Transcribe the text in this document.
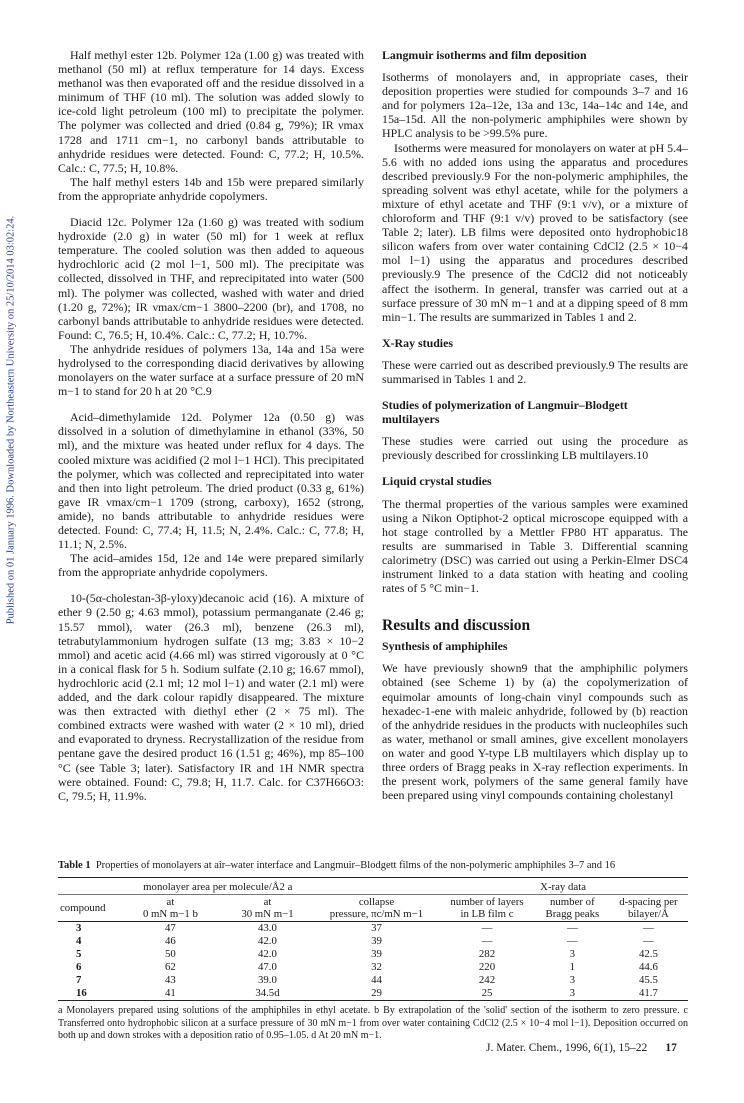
Published on 01 January 1996. Downloaded by Northeastern University on 25/10/2014 03:02:24.

Half methyl ester 12b. Polymer 12a (1.00 g) was treated with methanol (50 ml) at reflux temperature for 14 days. Excess methanol was then evaporated off and the residue dissolved in a minimum of THF (10 ml). The solution was added slowly to ice-cold light petroleum (100 ml) to precipitate the polymer. The polymer was collected and dried (0.84 g, 79%); IR νmax 1728 and 1711 cm−1, no carbonyl bands attributable to anhydride residues were detected. Found: C, 77.2; H, 10.5%. Calc.: C, 77.5; H, 10.8%.

The half methyl esters 14b and 15b were prepared similarly from the appropriate anhydride copolymers.

Diacid 12c. Polymer 12a (1.60 g) was treated with sodium hydroxide (2.0 g) in water (50 ml) for 1 week at reflux temperature. The cooled solution was then added to aqueous hydrochloric acid (2 mol l−1, 500 ml). The precipitate was collected, dissolved in THF, and reprecipitated into water (500 ml). The polymer was collected, washed with water and dried (1.20 g, 72%); IR νmax/cm−1 3800–2200 (br), and 1708, no carbonyl bands attributable to anhydride residues were detected. Found: C, 76.5; H, 10.4%. Calc.: C, 77.2; H, 10.7%.

The anhydride residues of polymers 13a, 14a and 15a were hydrolysed to the corresponding diacid derivatives by allowing monolayers on the water surface at a surface pressure of 20 mN m−1 to stand for 20 h at 20 °C.9

Acid–dimethylamide 12d. Polymer 12a (0.50 g) was dissolved in a solution of dimethylamine in ethanol (33%, 50 ml), and the mixture was heated under reflux for 4 days. The cooled mixture was acidified (2 mol l−1 HCl). This precipitated the polymer, which was collected and reprecipitated into water and then into light petroleum. The dried product (0.33 g, 61%) gave IR νmax/cm−1 1709 (strong, carboxy), 1652 (strong, amide), no bands attributable to anhydride residues were detected. Found: C, 77.4; H, 11.5; N, 2.4%. Calc.: C, 77.8; H, 11.1; N, 2.5%.

The acid–amides 15d, 12e and 14e were prepared similarly from the appropriate anhydride copolymers.

10-(5α-cholestan-3β-yloxy)decanoic acid (16). A mixture of ether 9 (2.50 g; 4.63 mmol), potassium permanganate (2.46 g; 15.57 mmol), water (26.3 ml), benzene (26.3 ml), tetrabutylammonium hydrogen sulfate (13 mg; 3.83 × 10−2 mmol) and acetic acid (4.66 ml) was stirred vigorously at 0 °C in a conical flask for 5 h. Sodium sulfate (2.10 g; 16.67 mmol), hydrochloric acid (2.1 ml; 12 mol l−1) and water (2.1 ml) were added, and the dark colour rapidly disappeared. The mixture was then extracted with diethyl ether (2 × 75 ml). The combined extracts were washed with water (2 × 10 ml), dried and evaporated to dryness. Recrystallization of the residue from pentane gave the desired product 16 (1.51 g; 46%), mp 85–100 °C (see Table 3; later). Satisfactory IR and 1H NMR spectra were obtained. Found: C, 79.8; H, 11.7. Calc. for C37H66O3: C, 79.5; H, 11.9%.

Langmuir isotherms and film deposition

Isotherms of monolayers and, in appropriate cases, their deposition properties were studied for compounds 3–7 and 16 and for polymers 12a–12e, 13a and 13c, 14a–14c and 14e, and 15a–15d. All the non-polymeric amphiphiles were shown by HPLC analysis to be >99.5% pure.

Isotherms were measured for monolayers on water at pH 5.4–5.6 with no added ions using the apparatus and procedures described previously.9 For the non-polymeric amphiphiles, the spreading solvent was ethyl acetate, while for the polymers a mixture of ethyl acetate and THF (9:1 v/v), or a mixture of chloroform and THF (9:1 v/v) proved to be satisfactory (see Table 2; later). LB films were deposited onto hydrophobic18 silicon wafers from over water containing CdCl2 (2.5 × 10−4 mol l−1) using the apparatus and procedures described previously.9 The presence of the CdCl2 did not noticeably affect the isotherm. In general, transfer was carried out at a surface pressure of 30 mN m−1 and at a dipping speed of 8 mm min−1. The results are summarized in Tables 1 and 2.

X-Ray studies

These were carried out as described previously.9 The results are summarised in Tables 1 and 2.

Studies of polymerization of Langmuir–Blodgett multilayers

These studies were carried out using the procedure as previously described for crosslinking LB multilayers.10

Liquid crystal studies

The thermal properties of the various samples were examined using a Nikon Optiphot-2 optical microscope equipped with a hot stage controlled by a Mettler FP80 HT apparatus. The results are summarised in Table 3. Differential scanning calorimetry (DSC) was carried out using a Perkin-Elmer DSC4 instrument linked to a data station with heating and cooling rates of 5 °C min−1.

Results and discussion
Synthesis of amphiphiles

We have previously shown9 that the amphiphilic polymers obtained (see Scheme 1) by (a) the copolymerization of equimolar amounts of long-chain vinyl compounds such as hexadec-1-ene with maleic anhydride, followed by (b) reaction of the anhydride residues in the products with nucleophiles such as water, methanol or small amines, give excellent monolayers on water and good Y-type LB multilayers which display up to three orders of Bragg peaks in X-ray reflection experiments. In the present work, polymers of the same general family have been prepared using vinyl compounds containing cholestanyl

Table 1 Properties of monolayers at air–water interface and Langmuir–Blodgett films of the non-polymeric amphiphiles 3–7 and 16

	monolayer area per molecule/Å2 a			X-ray data		
compound	at
0 mN m−1 b	at
30 mN m−1	collapse
pressure, πc/mN m−1	number of layers
in LB film c	number of
Bragg peaks	d-spacing per
bilayer/Å
3	47	43.0	37	—	—	—
4	46	42.0	39	—	—	—
5	50	42.0	39	282	3	42.5
6	62	47.0	32	220	1	44.6
7	43	39.0	44	242	3	45.5
16	41	34.5d	29	25	3	41.7

a Monolayers prepared using solutions of the amphiphiles in ethyl acetate. b By extrapolation of the 'solid' section of the isotherm to zero pressure. c Transferred onto hydrophobic silicon at a surface pressure of 30 mN m−1 from over water containing CdCl2 (2.5 × 10−4 mol l−1). Deposition occurred on both up and down strokes with a deposition ratio of 0.95–1.05. d At 20 mN m−1.

J. Mater. Chem., 1996, 6(1), 15–22 17
